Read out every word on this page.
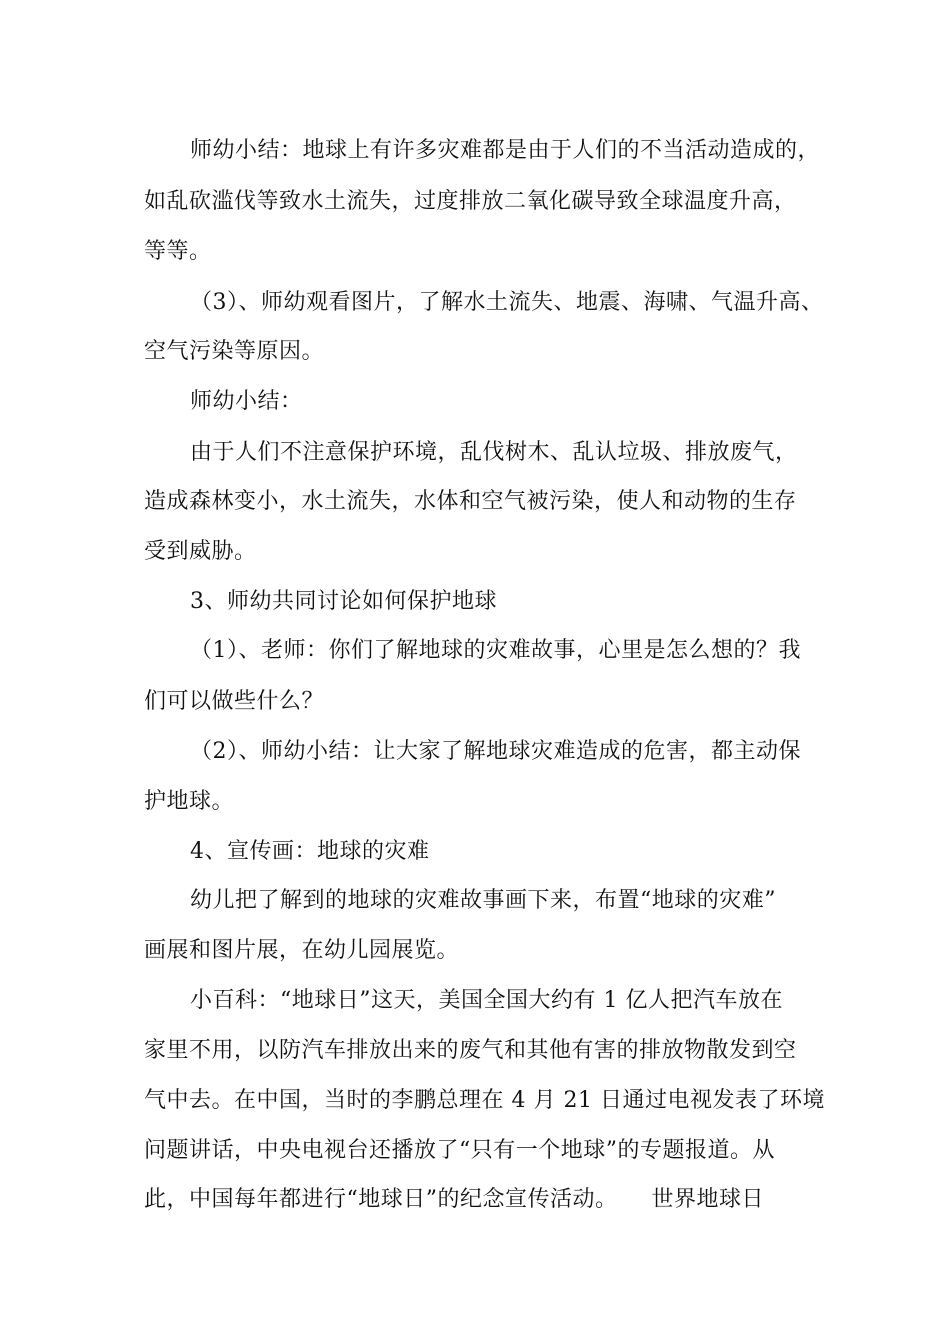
师幼小结：地球上有许多灾难都是由于人们的不当活动造成的，
如乱砍滥伐等致水土流失，过度排放二氧化碳导致全球温度升高，
等等。
（3）、师幼观看图片，了解水土流失、地震、海啸、气温升高、
空气污染等原因。
师幼小结：
由于人们不注意保护环境，乱伐树木、乱认垃圾、排放废气，
造成森林变小，水土流失，水体和空气被污染，使人和动物的生存
受到威胁。
3、师幼共同讨论如何保护地球
（1）、老师：你们了解地球的灾难故事，心里是怎么想的？我
们可以做些什么？
（2）、师幼小结：让大家了解地球灾难造成的危害，都主动保
护地球。
4、宣传画：地球的灾难
幼儿把了解到的地球的灾难故事画下来，布置“地球的灾难”
画展和图片展，在幼儿园展览。
小百科：“地球日”这天，美国全国大约有 1 亿人把汽车放在
家里不用，以防汽车排放出来的废气和其他有害的排放物散发到空
气中去。在中国，当时的李鹏总理在 4 月 21 日通过电视发表了环境
问题讲话，中央电视台还播放了“只有一个地球”的专题报道。从
此，中国每年都进行“地球日”的纪念宣传活动。　　世界地球日
